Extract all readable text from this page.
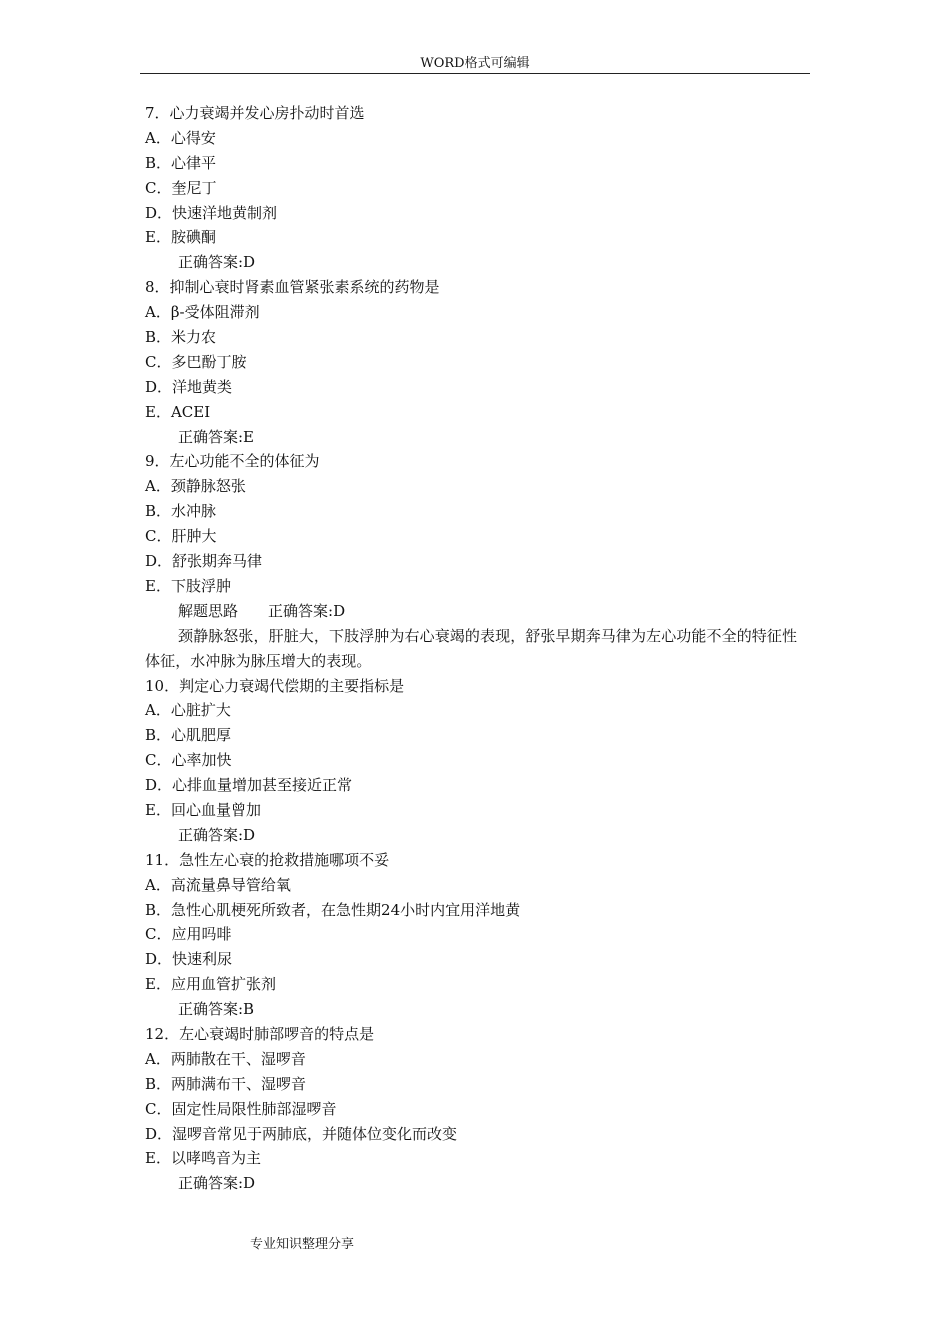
WORD格式可编辑
7．心力衰竭并发心房扑动时首选
A．心得安
B．心律平
C．奎尼丁
D．快速洋地黄制剂
E．胺碘酮
正确答案:D
8．抑制心衰时肾素血管紧张素系统的药物是
A．β-受体阻滞剂
B．米力农
C．多巴酚丁胺
D．洋地黄类
E．ACEI
正确答案:E
9．左心功能不全的体征为
A．颈静脉怒张
B．水冲脉
C．肝肿大
D．舒张期奔马律
E．下肢浮肿
解题思路 正确答案:D
颈静脉怒张，肝脏大，下肢浮肿为右心衰竭的表现，舒张早期奔马律为左心功能不全的特征性体征，水冲脉为脉压增大的表现。
10．判定心力衰竭代偿期的主要指标是
A．心脏扩大
B．心肌肥厚
C．心率加快
D．心排血量增加甚至接近正常
E．回心血量曾加
正确答案:D
11．急性左心衰的抢救措施哪项不妥
A．高流量鼻导管给氧
B．急性心肌梗死所致者，在急性期24小时内宜用洋地黄
C．应用吗啡
D．快速利尿
E．应用血管扩张剂
正确答案:B
12．左心衰竭时肺部啰音的特点是
A．两肺散在干、湿啰音
B．两肺满布干、湿啰音
C．固定性局限性肺部湿啰音
D．湿啰音常见于两肺底，并随体位变化而改变
E．以哮鸣音为主
正确答案:D
专业知识整理分享
